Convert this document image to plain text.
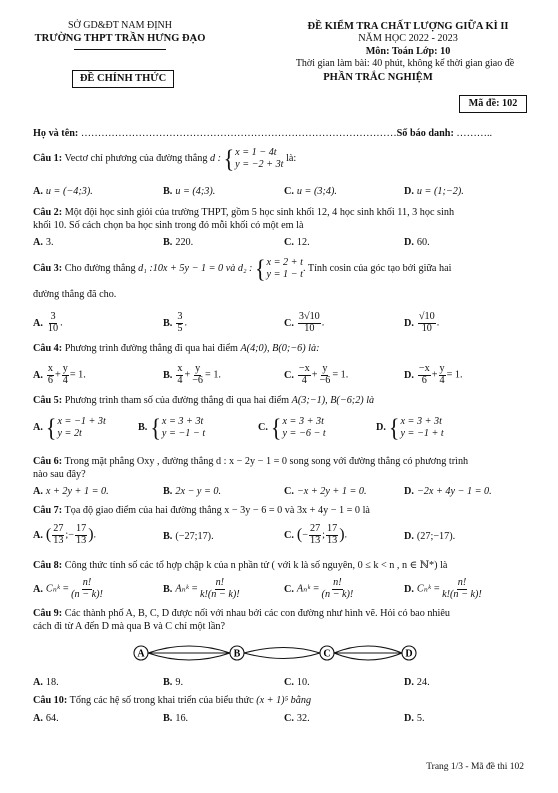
SỞ GD&ĐT NAM ĐỊNH
TRƯỜNG THPT TRẦN HƯNG ĐẠO
ĐỀ CHÍNH THỨC
ĐỀ KIỂM TRA CHẤT LƯỢNG GIỮA KÌ II
NĂM HỌC 2022 - 2023
Môn: Toán Lớp: 10
Thời gian làm bài: 40 phút, không kể thời gian giao đề
PHẦN TRẮC NGHIỆM
Mã đề: 102
Họ và tên: …………………………………………………………………………………Số báo danh: ………..
Câu 1: Vectơ chỉ phương của đường thẳng d : { x = 1 − 4t
y = −2 + 3t
là:
A. u = (−4;3).	B. u = (4;3).	C. u = (3;4).	D. u = (1;−2).
Câu 2: Một đội học sinh giỏi của trường THPT, gồm 5 học sinh khối 12, 4 học sinh khối 11, 3 học sinh
khối 10. Số cách chọn ba học sinh trong đó mỗi khối có một em là
A. 3.	B. 220.	C. 12.	D. 60.
Câu 3: Cho đường thẳng d₁ :10x + 5y − 1 = 0 và d₂ : { x = 2 + t
y = 1 − t
. Tính cosin của góc tạo bởi giữa hai
đường thẳng đã cho.
A. $\frac{3}{10}$ .	B. $\frac{3}{5}$ .	C. $\frac{3√10}{10}$ .	D. $\frac{√10}{10}$ .
Câu 4: Phương trình đường thẳng đi qua hai điểm A(4;0), B(0;−6) là:
A. $\frac{x}{6} + \frac{y}{4} = 1$.	B. $\frac{x}{4} + \frac{y}{-6} = 1$.	C. $\frac{-x}{4} + \frac{y}{-6} = 1$.	D. $\frac{-x}{6} + \frac{y}{4} = 1$.
Câu 5: Phương trình tham số của đường thẳng đi qua hai điểm A(3;−1), B(−6;2) là
A. { x = −1 + 3t
y = 2t
B. { x = 3 + 3t
y = −1 − t
C. { x = 3 + 3t
y = −6 − t
D. { x = 3 + 3t
y = −1 + t
Câu 6: Trong mặt phẳng Oxy , đường thẳng d : x − 2y − 1 = 0 song song với đường thẳng có phương trình
nào sau đây?
A. x + 2y + 1 = 0.	B. 2x − y = 0.	C. −x + 2y + 1 = 0.	D. −2x + 4y − 1 = 0.
Câu 7: Tọa độ giao điểm của hai đường thẳng x − 3y − 6 = 0 và 3x + 4y − 1 = 0 là
A. ( $\frac{27}{13}$ ;− $\frac{17}{13}$ ).	B. (−27;17).	C. (− $\frac{27}{13}$ ; $\frac{17}{13}$ ).	D. (27;−17).
Câu 8: Công thức tính số các tổ hợp chập k của n phần tử ( với k là số nguyên, 0 ≤ k < n , n ∈ ℕ*) là
A. Cₙᵏ = $\frac{n!}{(n - k)!}$	B. Aₙᵏ = $\frac{n!}{k!(n - k)!}$	C. Aₙᵏ = $\frac{n!}{(n - k)!}$	D. Cₙᵏ = $\frac{n!}{k!(n - k)!}$
Câu 9: Các thành phố A, B, C, D được nối với nhau bởi các con đường như hình vẽ. Hỏi có bao nhiêu
cách đi từ A đến D mà qua B và C chỉ một lần?
A	B	C	D
A. 18.	B. 9.	C. 10.	D. 24.
Câu 10: Tổng các hệ số trong khai triển của biểu thức (x + 1)⁵ bằng
A. 64.	B. 16.	C. 32.	D. 5.
Trang 1/3 - Mã đề thi 102
